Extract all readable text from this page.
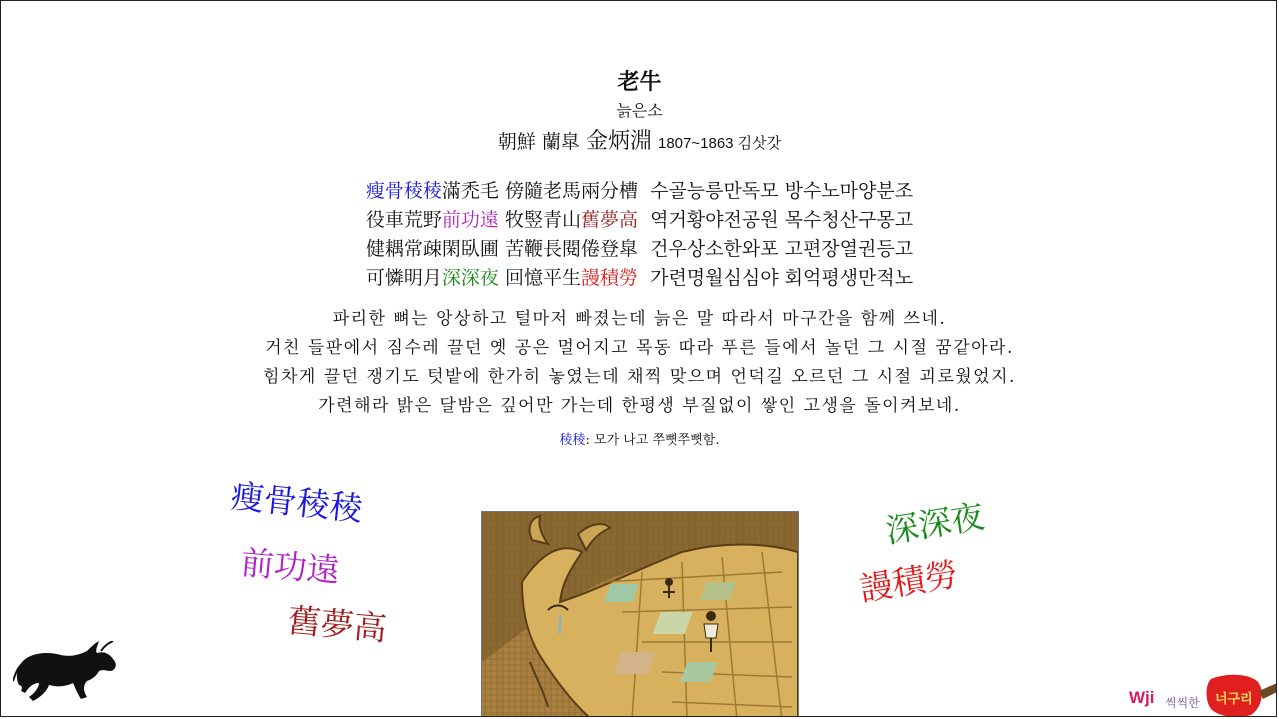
老牛
늙은소
朝鮮 蘭皐 金炳淵 1807~1863 김삿갓
瘦骨稜稜滿禿毛 傍隨老馬兩分槽 수골능릉만독모 방수노마양분조
役車荒野前功遠 牧竪青山舊夢高 역거황야전공원 목수청산구몽고
健耦常疎閑臥圃 苦鞭長閱倦登皐 건우상소한와포 고편장열권등고
可憐明月深深夜 回憶平生謾積勞 가련명월심심야 회억평생만적노
파리한 뼈는 앙상하고 털마저 빠졌는데 늙은 말 따라서 마구간을 함께 쓰네.
거친 들판에서 짐수레 끌던 옛 공은 멀어지고 목동 따라 푸른 들에서 놀던 그 시절 꿈같아라.
힘차게 끌던 쟁기도 텃밭에 한가히 놓였는데 채찍 맞으며 언덕길 오르던 그 시절 괴로웠었지.
가련해라 밝은 달밤은 깊어만 가는데 한평생 부질없이 쌓인 고생을 돌이켜보네.
稜稜: 모가 나고 쭈뼛쭈뼛함.
瘦骨稜稜
前功遠
舊夢高
深深夜
謾積勞
Wji 씩씩한 너구리
